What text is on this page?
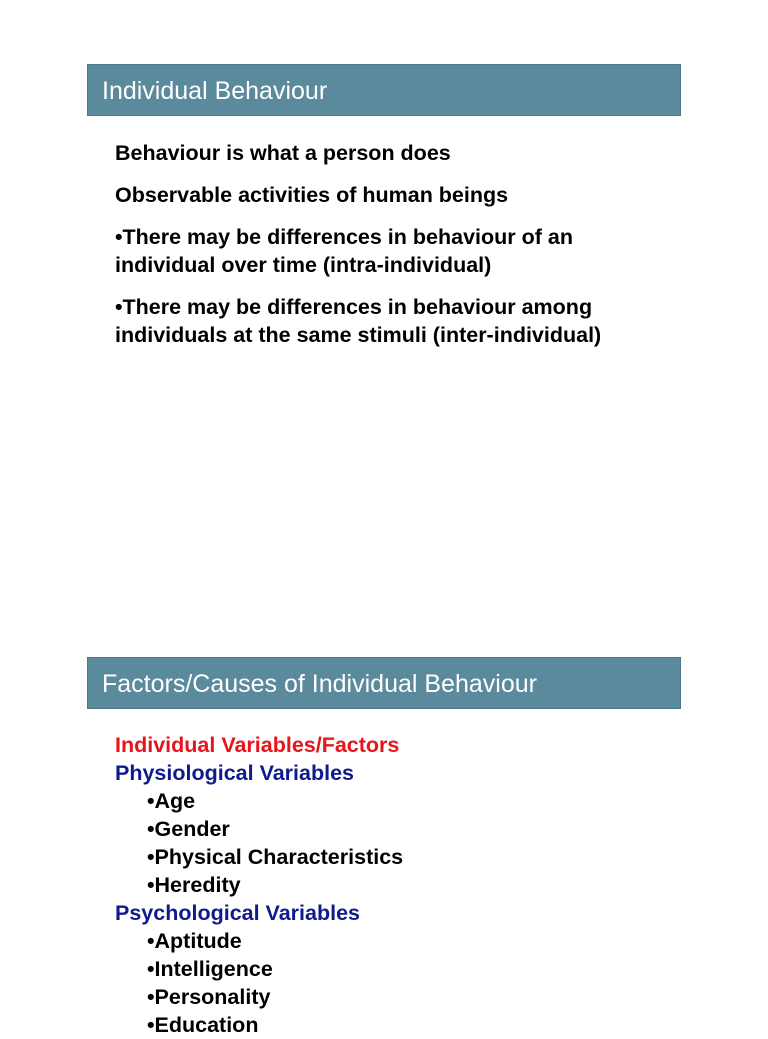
Individual Behaviour

Behaviour is what a person does

Observable activities of human beings

•There may be differences in behaviour of an individual over time (intra-individual)

•There may be differences in behaviour among individuals at the same stimuli (inter-individual)

Factors/Causes of Individual Behaviour
Individual Variables/Factors
Physiological Variables
•Age
•Gender
•Physical Characteristics
•Heredity
Psychological Variables
•Aptitude
•Intelligence
•Personality
•Education
